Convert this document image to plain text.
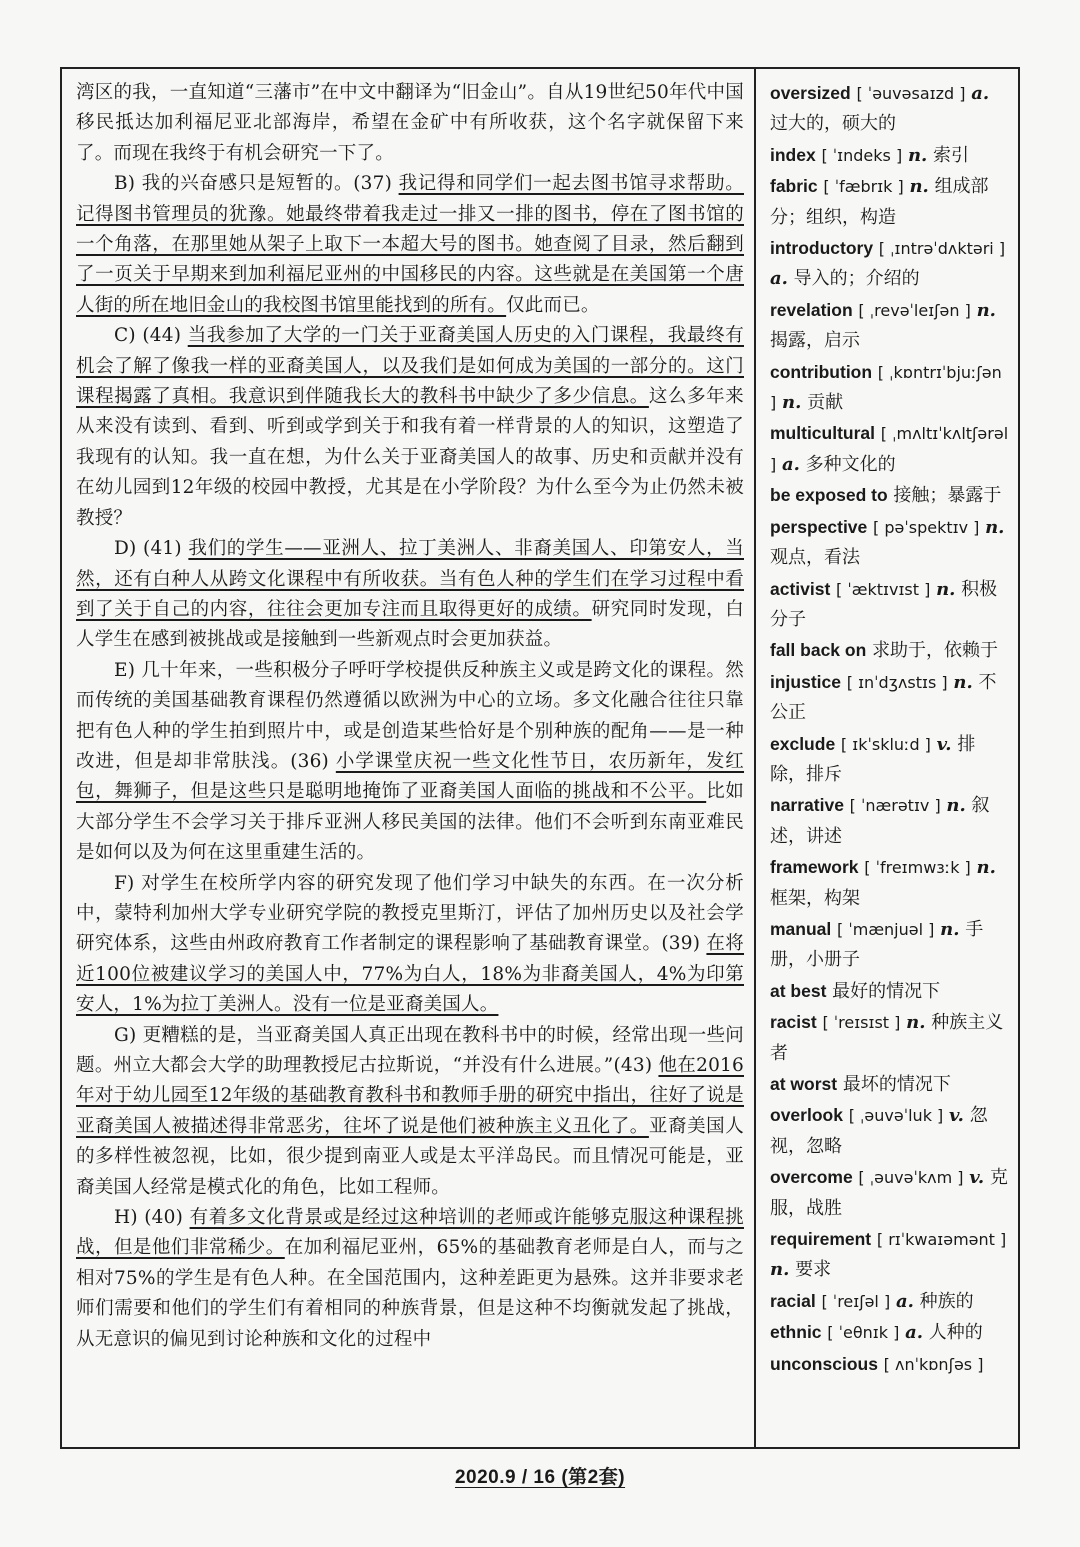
湾区的我，一直知道“三藩市”在中文中翻译为“旧金山”。自从19世纪50年代中国移民抵达加利福尼亚北部海岸，希望在金矿中有所收获，这个名字就保留下来了。而现在我终于有机会研究一下了。

B) 我的兴奋感只是短暂的。(37) 我记得和同学们一起去图书馆寻求帮助。记得图书管理员的犹豫。她最终带着我走过一排又一排的图书，停在了图书馆的一个角落，在那里她从架子上取下一本超大号的图书。她查阅了目录，然后翻到了一页关于早期来到加利福尼亚州的中国移民的内容。这些就是在美国第一个唐人街的所在地旧金山的我校图书馆里能找到的所有。仅此而已。

C) (44) 当我参加了大学的一门关于亚裔美国人历史的入门课程，我最终有机会了解了像我一样的亚裔美国人，以及我们是如何成为美国的一部分的。这门课程揭露了真相。我意识到伴随我长大的教科书中缺少了多少信息。这么多年来从来没有读到、看到、听到或学到关于和我有着一样背景的人的知识，这塑造了我现有的认知。我一直在想，为什么关于亚裔美国人的故事、历史和贡献并没有在幼儿园到12年级的校园中教授，尤其是在小学阶段？为什么至今为止仍然未被教授？

D) (41) 我们的学生——亚洲人、拉丁美洲人、非裔美国人、印第安人，当然，还有白种人从跨文化课程中有所收获。当有色人种的学生们在学习过程中看到了关于自己的内容，往往会更加专注而且取得更好的成绩。研究同时发现，白人学生在感到被挑战或是接触到一些新观点时会更加获益。

E) 几十年来，一些积极分子呼吁学校提供反种族主义或是跨文化的课程。然而传统的美国基础教育课程仍然遵循以欧洲为中心的立场。多文化融合往往只靠把有色人种的学生拍到照片中，或是创造某些恰好是个别种族的配角——是一种改进，但是却非常肤浅。(36) 小学课堂庆祝一些文化性节日，农历新年，发红包，舞狮子，但是这些只是聪明地掩饰了亚裔美国人面临的挑战和不公平。比如大部分学生不会学习关于排斥亚洲人移民美国的法律。他们不会听到东南亚难民是如何以及为何在这里重建生活的。

F) 对学生在校所学内容的研究发现了他们学习中缺失的东西。在一次分析中，蒙特利加州大学专业研究学院的教授克里斯汀，评估了加州历史以及社会学研究体系，这些由州政府教育工作者制定的课程影响了基础教育课堂。(39) 在将近100位被建议学习的美国人中，77%为白人，18%为非裔美国人，4%为印第安人，1%为拉丁美洲人。没有一位是亚裔美国人。

G) 更糟糕的是，当亚裔美国人真正出现在教科书中的时候，经常出现一些问题。州立大都会大学的助理教授尼古拉斯说，“并没有什么进展。”(43) 他在2016年对于幼儿园至12年级的基础教育教科书和教师手册的研究中指出，往好了说是亚裔美国人被描述得非常恶劣，往坏了说是他们被种族主义丑化了。亚裔美国人的多样性被忽视，比如，很少提到南亚人或是太平洋岛民。而且情况可能是，亚裔美国人经常是模式化的角色，比如工程师。

H) (40) 有着多文化背景或是经过这种培训的老师或许能够克服这种课程挑战，但是他们非常稀少。在加利福尼亚州，65%的基础教育老师是白人，而与之相对75%的学生是有色人种。在全国范围内，这种差距更为悬殊。这并非要求老师们需要和他们的学生们有着相同的种族背景，但是这种不均衡就发起了挑战，从无意识的偏见到讨论种族和文化的过程中

oversized [ ˈəuvəsaɪzd ] a. 过大的，硕大的
index [ ˈɪndeks ] n. 索引
fabric [ ˈfæbrɪk ] n. 组成部分；组织，构造
introductory [ ˌɪntrəˈdʌktəri ] a. 导入的；介绍的
revelation [ ˌrevəˈleɪʃən ] n. 揭露，启示
contribution [ ˌkɒntrɪˈbjuːʃən ] n. 贡献
multicultural [ ˌmʌltɪˈkʌltʃərəl ] a. 多种文化的
be exposed to 接触；暴露于
perspective [ pəˈspektɪv ] n. 观点，看法
activist [ ˈæktɪvɪst ] n. 积极分子
fall back on 求助于，依赖于
injustice [ ɪnˈdʒʌstɪs ] n. 不公正
exclude [ ɪkˈskluːd ] v. 排除，排斥
narrative [ ˈnærətɪv ] n. 叙述，讲述
framework [ ˈfreɪmwɜːk ] n. 框架，构架
manual [ ˈmænjuəl ] n. 手册，小册子
at best 最好的情况下
racist [ ˈreɪsɪst ] n. 种族主义者
at worst 最坏的情况下
overlook [ ˌəuvəˈluk ] v. 忽视，忽略
overcome [ ˌəuvəˈkʌm ] v. 克服，战胜
requirement [ rɪˈkwaɪəmənt ] n. 要求
racial [ ˈreɪʃəl ] a. 种族的
ethnic [ ˈeθnɪk ] a. 人种的
unconscious [ ʌnˈkɒnʃəs ]
2020.9 / 16 (第2套)
